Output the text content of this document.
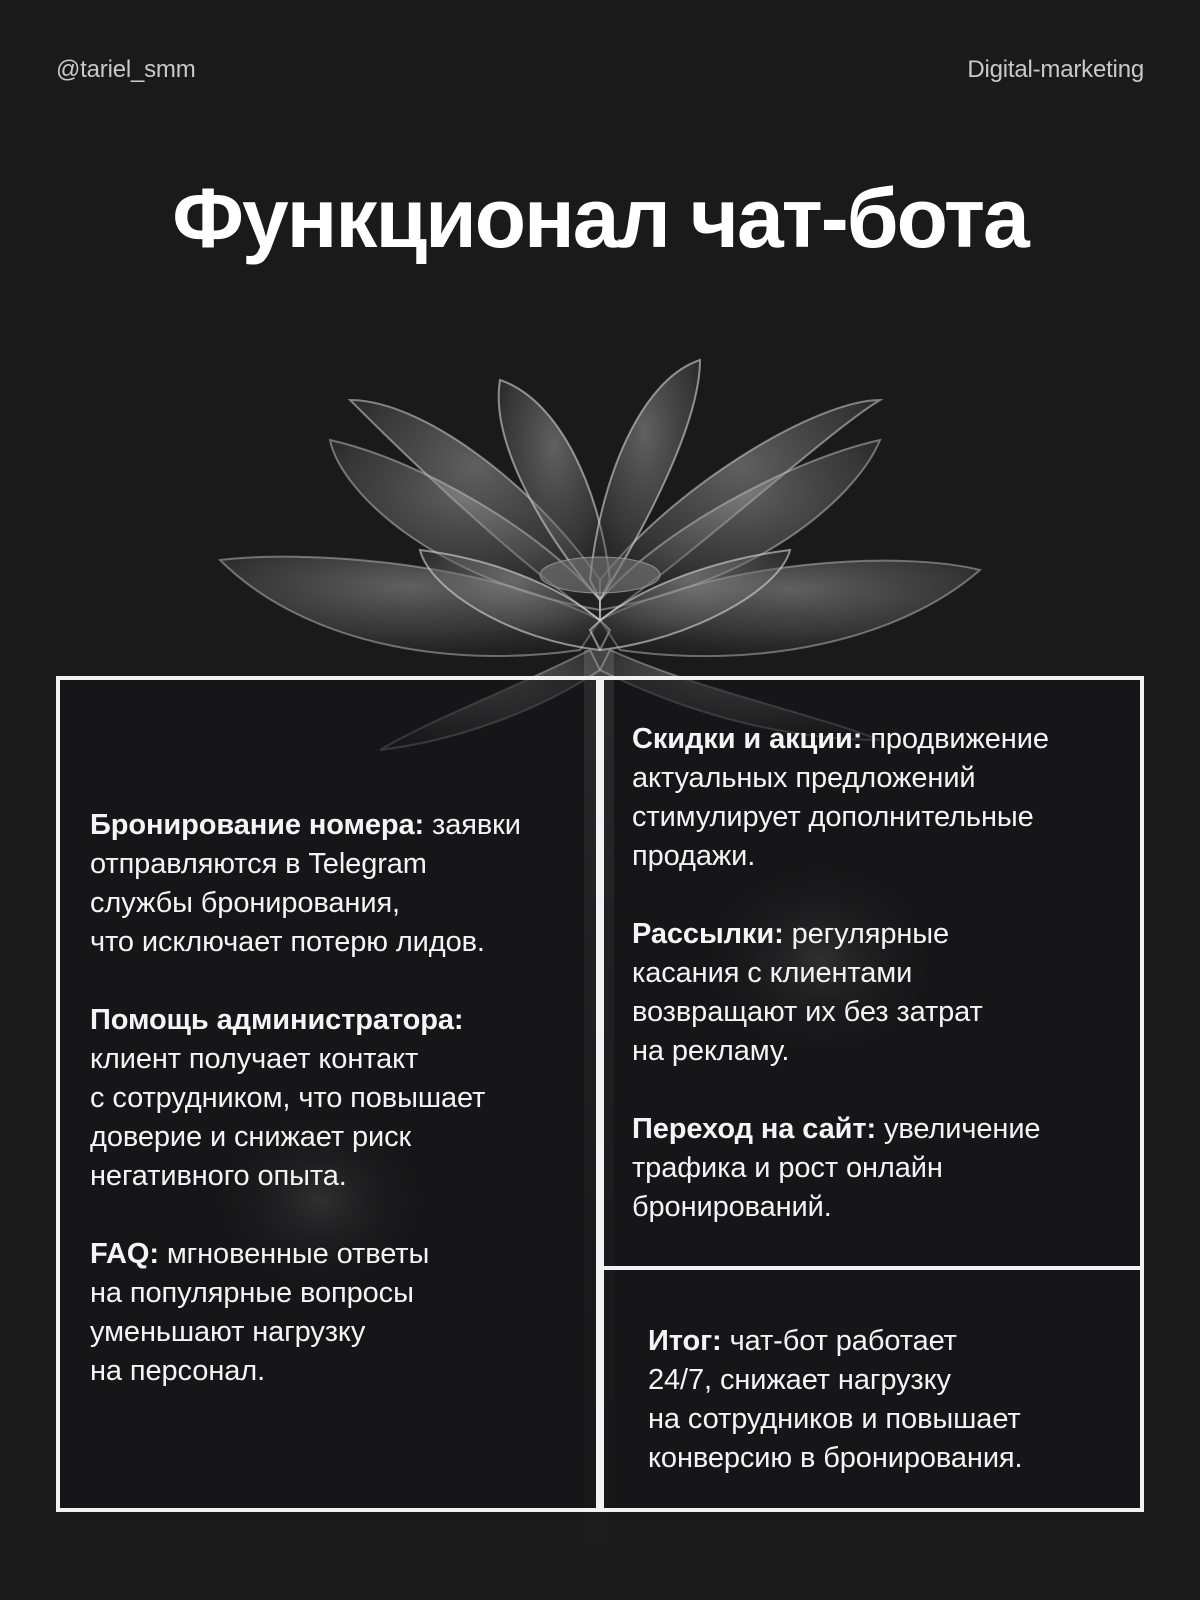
@tariel_smm	Digital-marketing
Функционал чат-бота
Бронирование номера: заявки
отправляются в Telegram
службы бронирования,
что исключает потерю лидов.
Помощь администратора:
клиент получает контакт
с сотрудником, что повышает
доверие и снижает риск
негативного опыта.
FAQ: мгновенные ответы
на популярные вопросы
уменьшают нагрузку
на персонал.
Скидки и акции: продвижение
актуальных предложений
стимулирует дополнительные
продажи.
Рассылки: регулярные
касания с клиентами
возвращают их без затрат
на рекламу.
Переход на сайт: увеличение
трафика и рост онлайн
бронирований.
Итог: чат-бот работает
24/7, снижает нагрузку
на сотрудников и повышает
конверсию в бронирования.
